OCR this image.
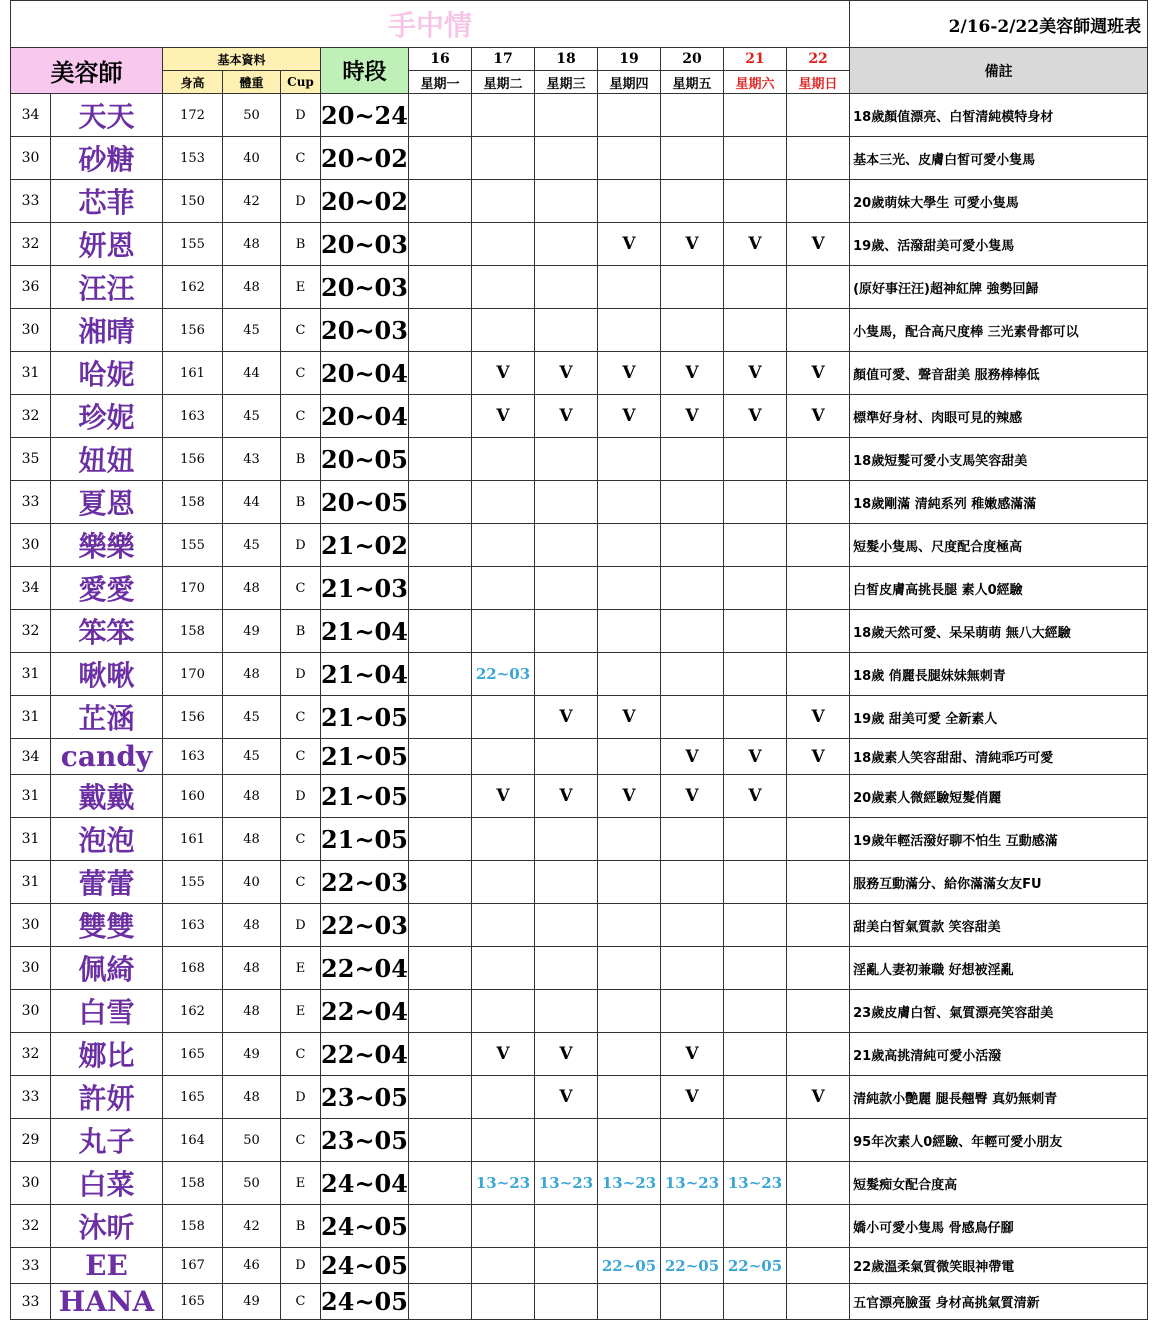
手中情													2/16-2/22美容師週班表
美容師		基本資料			時段	16	17	18	19	20	21	22	備註
		身高	體重	Cup		星期一	星期二	星期三	星期四	星期五	星期六	星期日	
34	天天	172	50	D	20~24								18歲顏值漂亮、白皙清純模特身材
30	砂糖	153	40	C	20~02								基本三光、皮膚白皙可愛小隻馬
33	芯菲	150	42	D	20~02								20歲萌妹大學生 可愛小隻馬
32	妍恩	155	48	B	20~03				V	V	V	V	19歲、活潑甜美可愛小隻馬
36	汪汪	162	48	E	20~03								(原好事汪汪)超神紅牌 強勢回歸
30	湘晴	156	45	C	20~03								小隻馬，配合高尺度棒 三光素骨都可以
31	哈妮	161	44	C	20~04		V	V	V	V	V	V	顏值可愛、聲音甜美 服務棒棒低
32	珍妮	163	45	C	20~04		V	V	V	V	V	V	標準好身材、肉眼可見的辣感
35	妞妞	156	43	B	20~05								18歲短髮可愛小支馬笑容甜美
33	夏恩	158	44	B	20~05								18歲剛滿 清純系列 稚嫩感滿滿
30	樂樂	155	45	D	21~02								短髮小隻馬、尺度配合度極高
34	愛愛	170	48	C	21~03								白皙皮膚高挑長腿 素人0經驗
32	笨笨	158	49	B	21~04								18歲天然可愛、呆呆萌萌 無八大經驗
31	啾啾	170	48	D	21~04		22~03						18歲 俏麗長腿妹妹無刺青
31	芷涵	156	45	C	21~05			V	V			V	19歲 甜美可愛 全新素人
34	candy	163	45	C	21~05					V	V	V	18歲素人笑容甜甜、清純乖巧可愛
31	戴戴	160	48	D	21~05		V	V	V	V	V		20歲素人微經驗短髮俏麗
31	泡泡	161	48	C	21~05								19歲年輕活潑好聊不怕生 互動感滿
31	蕾蕾	155	40	C	22~03								服務互動滿分、給你滿滿女友FU
30	雙雙	163	48	D	22~03								甜美白皙氣質款 笑容甜美
30	佩綺	168	48	E	22~04								淫亂人妻初兼職 好想被淫亂
30	白雪	162	48	E	22~04								23歲皮膚白皙、氣質漂亮笑容甜美
32	娜比	165	49	C	22~04		V	V		V			21歲高挑清純可愛小活潑
33	許妍	165	48	D	23~05			V		V		V	清純款小艷麗 腿長翹臀 真奶無刺青
29	丸子	164	50	C	23~05								95年次素人0經驗、年輕可愛小朋友
30	白菜	158	50	E	24~04		13~23	13~23	13~23	13~23	13~23		短髮痴女配合度高
32	沐昕	158	42	B	24~05								嬌小可愛小隻馬 骨感鳥仔腳
33	EE	167	46	D	24~05				22~05	22~05	22~05		22歲溫柔氣質微笑眼神帶電
33	HANA	165	49	C	24~05								五官漂亮臉蛋 身材高挑氣質清新
